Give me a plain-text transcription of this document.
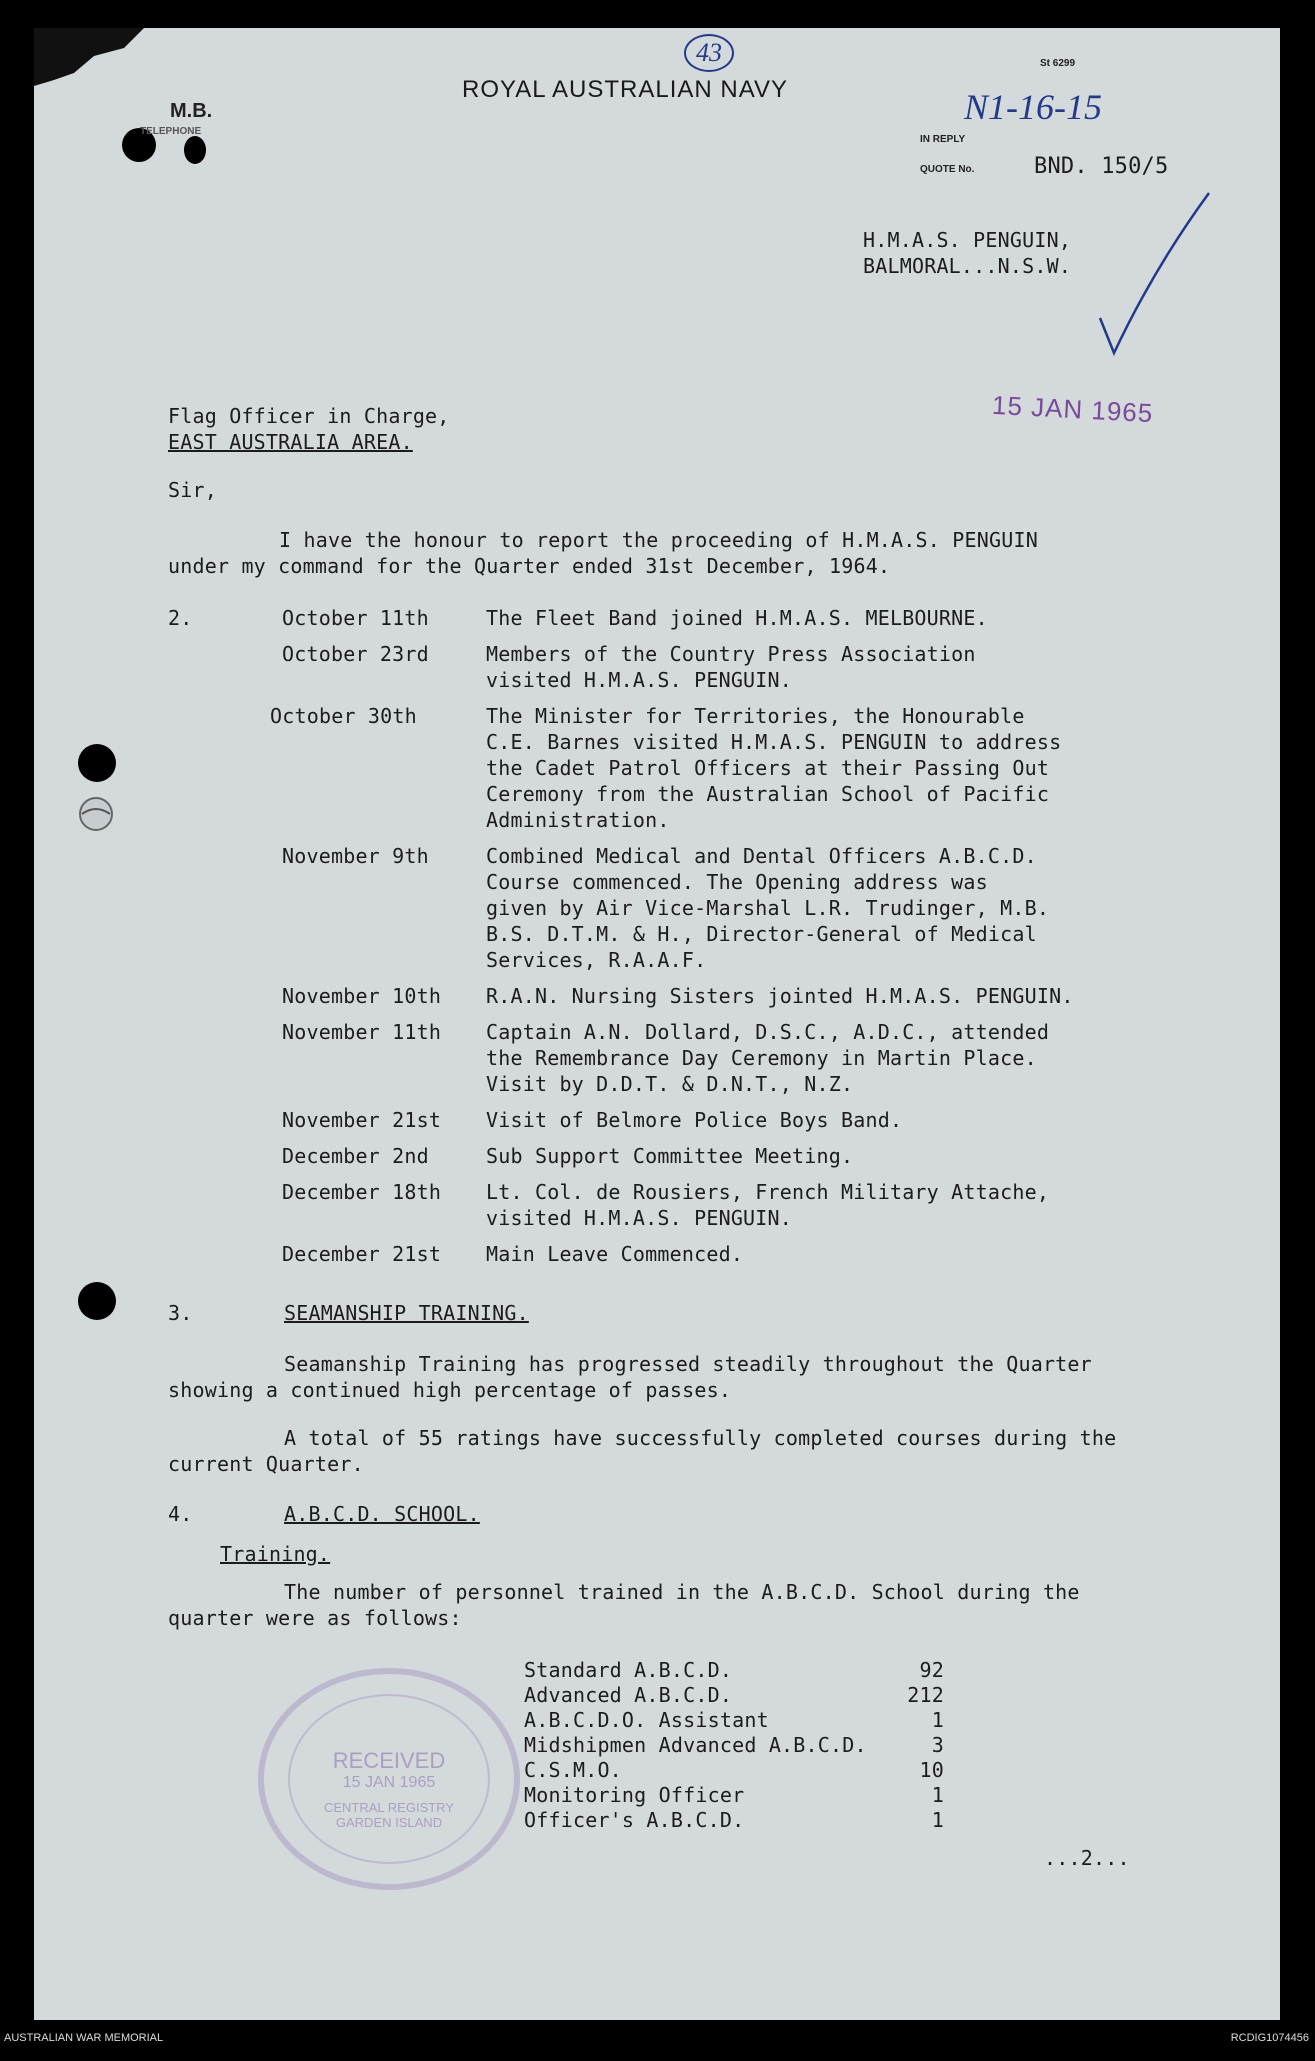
St 6299
ROYAL AUSTRALIAN NAVY
43
N1-16-15
M.B.
TELEPHONE
IN REPLY
QUOTE No.	BND. 150/5
H.M.A.S. PENGUIN,
BALMORAL...N.S.W.
15 JAN 1965
Flag Officer in Charge,
EAST AUSTRALIA AREA.
Sir,
I have the honour to report the proceeding of H.M.A.S. PENGUIN
under my command for the Quarter ended 31st December, 1964.
2.	October 11th	The Fleet Band joined H.M.A.S. MELBOURNE.
October 23rd	Members of the Country Press Association
visited H.M.A.S. PENGUIN.
October 30th	The Minister for Territories, the Honourable
C.E. Barnes visited H.M.A.S. PENGUIN to address
the Cadet Patrol Officers at their Passing Out
Ceremony from the Australian School of Pacific
Administration.
November 9th	Combined Medical and Dental Officers A.B.C.D.
Course commenced. The Opening address was
given by Air Vice-Marshal L.R. Trudinger, M.B.
B.S. D.T.M. & H., Director-General of Medical
Services, R.A.A.F.
November 10th R.A.N. Nursing Sisters jointed H.M.A.S. PENGUIN.
November 11th Captain A.N. Dollard, D.S.C., A.D.C., attended
the Remembrance Day Ceremony in Martin Place.
Visit by D.D.T. & D.N.T., N.Z.
November 21st Visit of Belmore Police Boys Band.
December 2nd	Sub Support Committee Meeting.
December 18th Lt. Col. de Rousiers, French Military Attache,
visited H.M.A.S. PENGUIN.
December 21st Main Leave Commenced.
3.	SEAMANSHIP TRAINING.
Seamanship Training has progressed steadily throughout the Quarter
showing a continued high percentage of passes.
A total of 55 ratings have successfully completed courses during the
current Quarter.
4.	A.B.C.D. SCHOOL.
Training.
The number of personnel trained in the A.B.C.D. School during the
quarter were as follows:
RECEIVED
15 JAN 1965
CENTRAL REGISTRY
GARDEN ISLAND
Standard A.B.C.D.	92
Advanced A.B.C.D.	212
A.B.C.D.O. Assistant	1
Midshipmen Advanced A.B.C.D.	3
C.S.M.O.	10
Monitoring Officer	1
Officer's A.B.C.D.	1
...2...
AUSTRALIAN WAR MEMORIAL	RCDIG1074456
